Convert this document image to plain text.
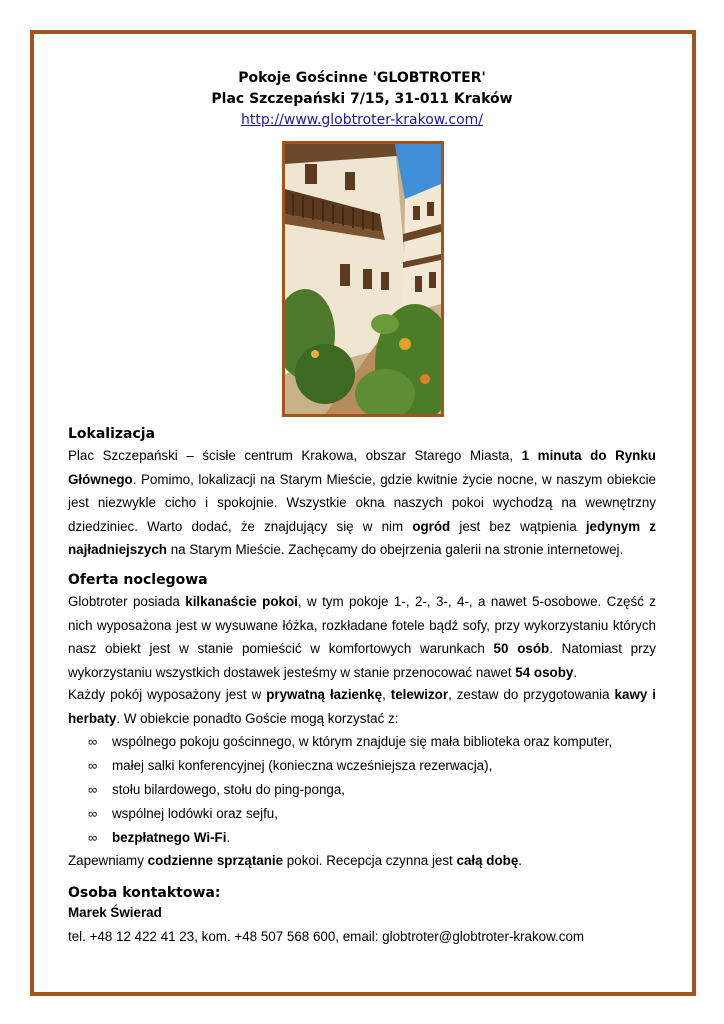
Pokoje Gościnne 'GLOBTROTER'
Plac Szczepański 7/15, 31-011 Kraków
http://www.globtroter-krakow.com/
Lokalizacja
Plac Szczepański – ścisłe centrum Krakowa, obszar Starego Miasta, 1 minuta do Rynku Głównego. Pomimo, lokalizacji na Starym Mieście, gdzie kwitnie życie nocne, w naszym obiekcie jest niezwykle cicho i spokojnie. Wszystkie okna naszych pokoi wychodzą na wewnętrzny dziedziniec. Warto dodać, że znajdujący się w nim ogród jest bez wątpienia jedynym z najładniejszych na Starym Mieście. Zachęcamy do obejrzenia galerii na stronie internetowej.
Oferta noclegowa
Globtroter posiada kilkanaście pokoi, w tym pokoje 1-, 2-, 3-, 4-, a nawet 5-osobowe. Część z nich wyposażona jest w wysuwane łóżka, rozkładane fotele bądź sofy, przy wykorzystaniu których nasz obiekt jest w stanie pomieścić w komfortowych warunkach 50 osób. Natomiast przy wykorzystaniu wszystkich dostawek jesteśmy w stanie przenocować nawet 54 osoby.
Każdy pokój wyposażony jest w prywatną łazienkę, telewizor, zestaw do przygotowania kawy i herbaty. W obiekcie ponadto Goście mogą korzystać z:
∞ wspólnego pokoju gościnnego, w którym znajduje się mała biblioteka oraz komputer,
∞ małej salki konferencyjnej (konieczna wcześniejsza rezerwacja),
∞ stołu bilardowego, stołu do ping-ponga,
∞ wspólnej lodówki oraz sejfu,
∞ bezpłatnego Wi-Fi.
Zapewniamy codzienne sprzątanie pokoi. Recepcja czynna jest całą dobę.
Osoba kontaktowa:
Marek Świerad
tel. +48 12 422 41 23, kom. +48 507 568 600, email: globtroter@globtroter-krakow.com
